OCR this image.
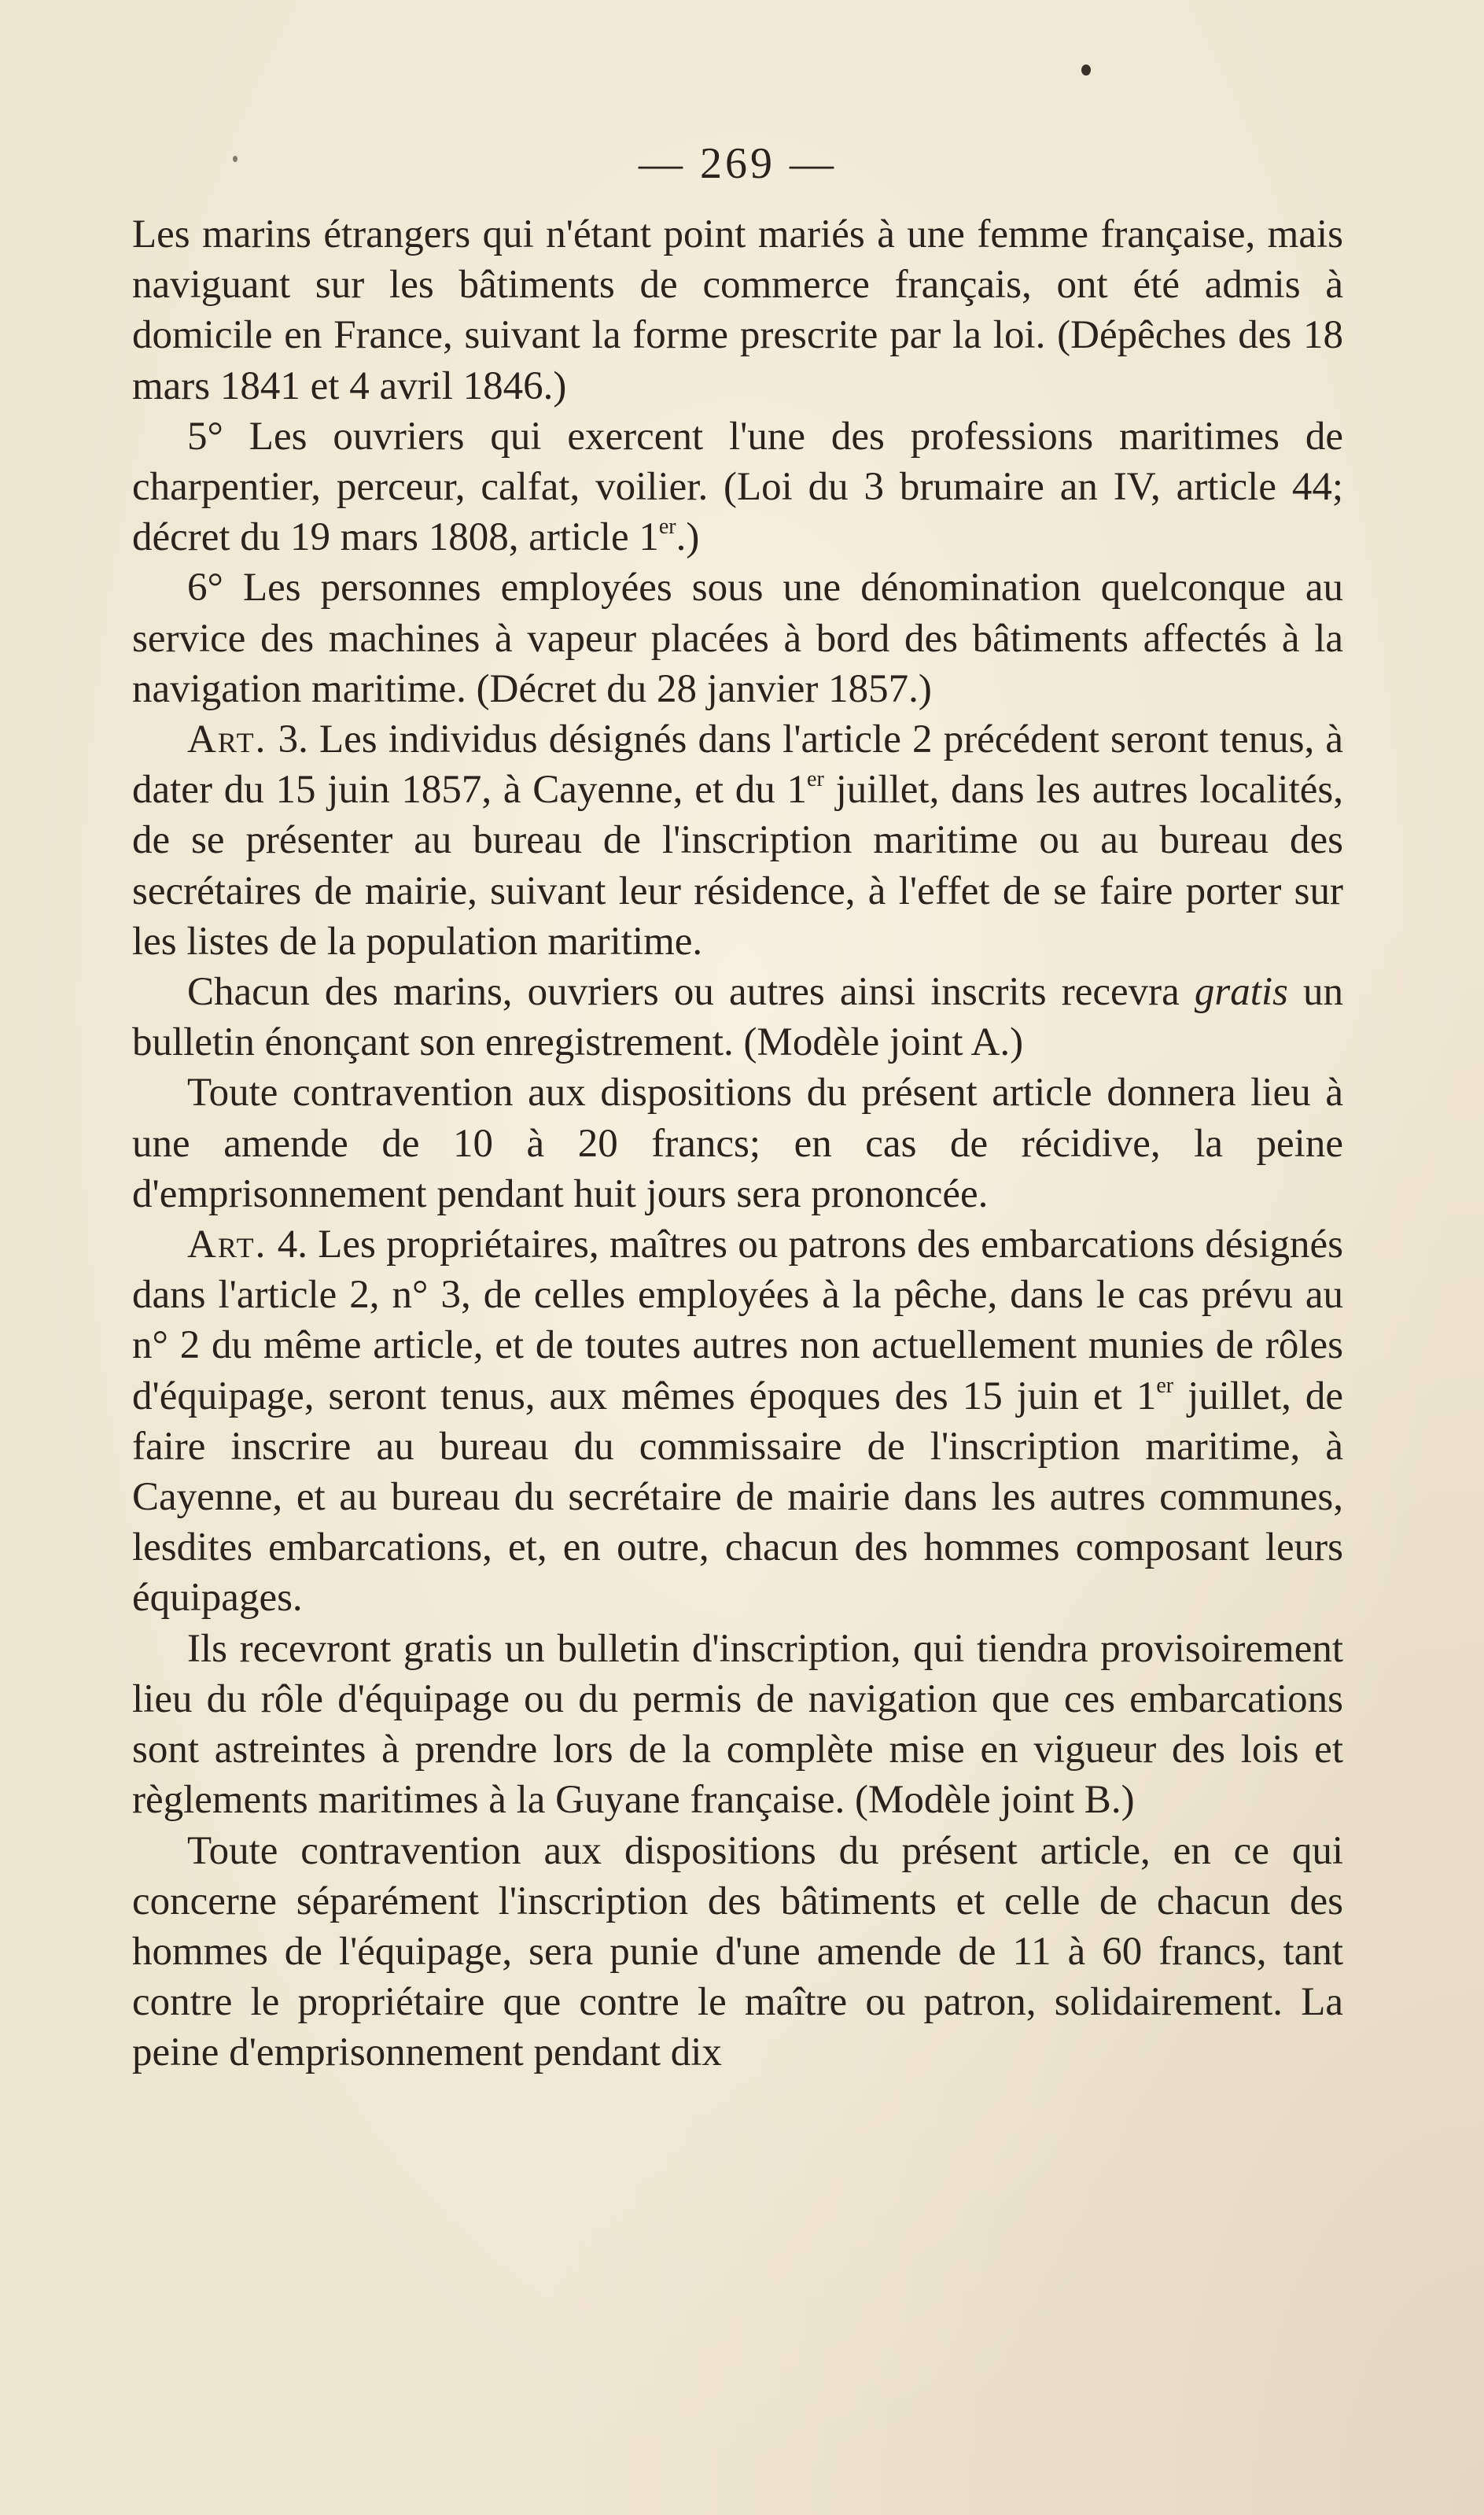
— 269 —

Les marins étrangers qui n'étant point mariés à une femme française, mais naviguant sur les bâtiments de commerce français, ont été admis à domicile en France, suivant la forme prescrite par la loi. (Dépêches des 18 mars 1841 et 4 avril 1846.)

5° Les ouvriers qui exercent l'une des professions maritimes de charpentier, perceur, calfat, voilier. (Loi du 3 brumaire an IV, article 44; décret du 19 mars 1808, article 1er.)

6° Les personnes employées sous une dénomination quelconque au service des machines à vapeur placées à bord des bâtiments affectés à la navigation maritime. (Décret du 28 janvier 1857.)

Art. 3. Les individus désignés dans l'article 2 précédent seront tenus, à dater du 15 juin 1857, à Cayenne, et du 1er juillet, dans les autres localités, de se présenter au bureau de l'inscription maritime ou au bureau des secrétaires de mairie, suivant leur résidence, à l'effet de se faire porter sur les listes de la population maritime.

Chacun des marins, ouvriers ou autres ainsi inscrits recevra gratis un bulletin énonçant son enregistrement. (Modèle joint A.)

Toute contravention aux dispositions du présent article donnera lieu à une amende de 10 à 20 francs; en cas de récidive, la peine d'emprisonnement pendant huit jours sera prononcée.

Art. 4. Les propriétaires, maîtres ou patrons des embarcations désignés dans l'article 2, n° 3, de celles employées à la pêche, dans le cas prévu au n° 2 du même article, et de toutes autres non actuellement munies de rôles d'équipage, seront tenus, aux mêmes époques des 15 juin et 1er juillet, de faire inscrire au bureau du commissaire de l'inscription maritime, à Cayenne, et au bureau du secrétaire de mairie dans les autres communes, lesdites embarcations, et, en outre, chacun des hommes composant leurs équipages.

Ils recevront gratis un bulletin d'inscription, qui tiendra provisoirement lieu du rôle d'équipage ou du permis de navigation que ces embarcations sont astreintes à prendre lors de la complète mise en vigueur des lois et règlements maritimes à la Guyane française. (Modèle joint B.)

Toute contravention aux dispositions du présent article, en ce qui concerne séparément l'inscription des bâtiments et celle de chacun des hommes de l'équipage, sera punie d'une amende de 11 à 60 francs, tant contre le propriétaire que contre le maître ou patron, solidairement. La peine d'emprisonnement pendant dix
